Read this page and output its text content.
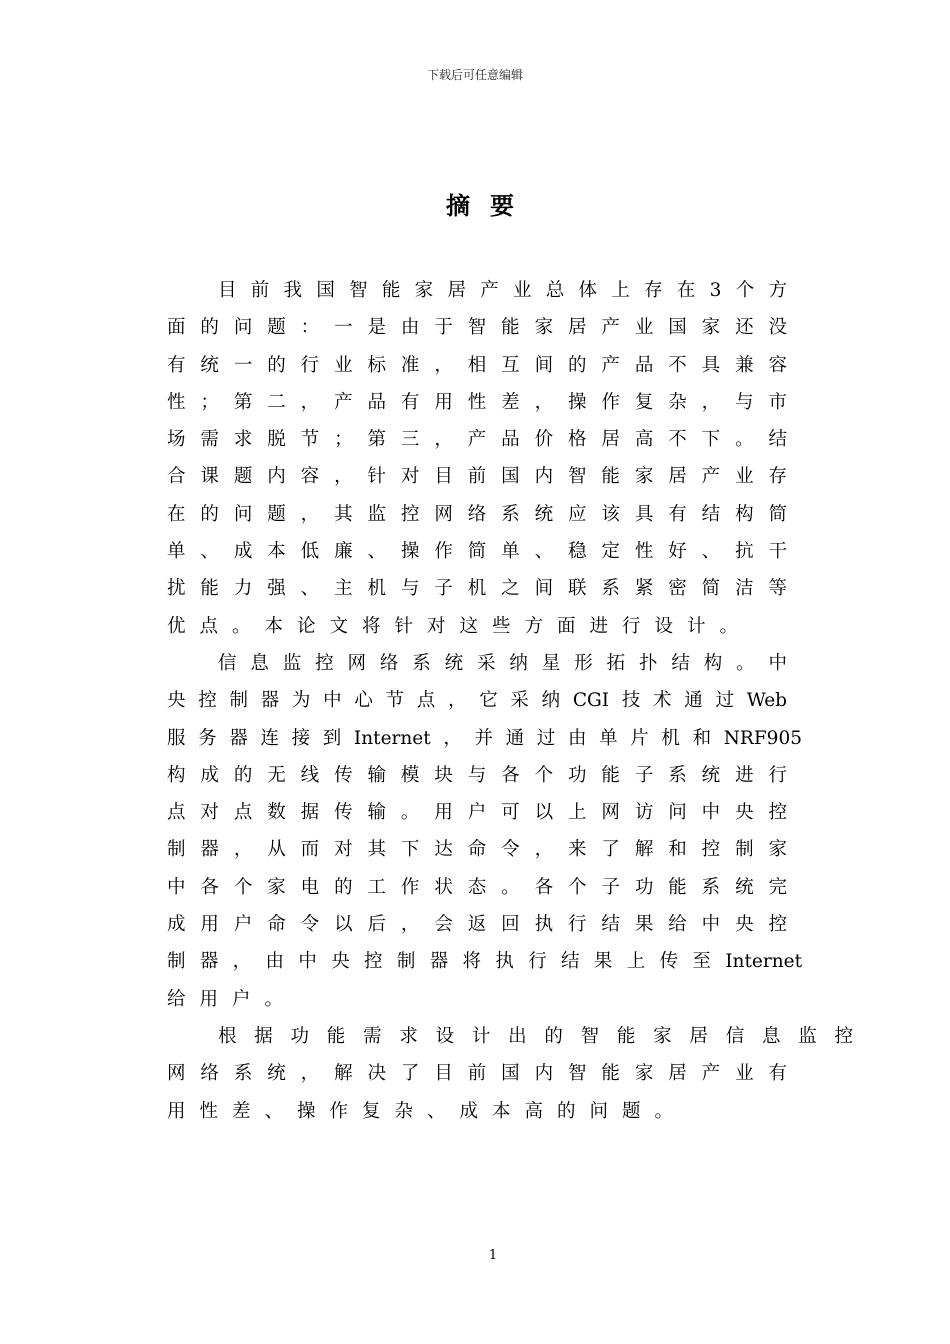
下载后可任意编辑
摘要
目前我国智能家居产业总体上存在3个方
面的问题：一是由于智能家居产业国家还没
有统一的行业标准，相互间的产品不具兼容
性；第二，产品有用性差，操作复杂，与市
场需求脱节；第三，产品价格居高不下。结
合课题内容，针对目前国内智能家居产业存
在的问题，其监控网络系统应该具有结构简
单、成本低廉、操作简单、稳定性好、抗干
扰能力强、主机与子机之间联系紧密简洁等
优点。本论文将针对这些方面进行设计。
信息监控网络系统采纳星形拓扑结构。中
央控制器为中心节点，它采纳CGI技术通过Web
服务器连接到Internet，并通过由单片机和NRF905
构成的无线传输模块与各个功能子系统进行
点对点数据传输。用户可以上网访问中央控
制器，从而对其下达命令，来了解和控制家
中各个家电的工作状态。各个子功能系统完
成用户命令以后，会返回执行结果给中央控
制器，由中央控制器将执行结果上传至Internet
给用户。
根据功能需求设计出的智能家居信息监控
网络系统，解决了目前国内智能家居产业有
用性差、操作复杂、成本高的问题。
1
